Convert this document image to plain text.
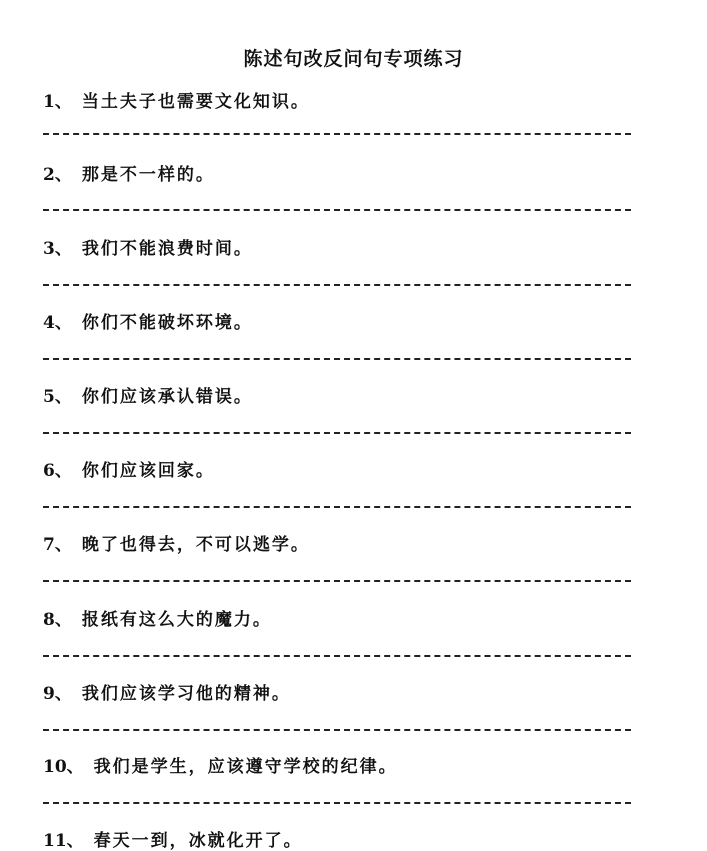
陈述句改反问句专项练习
1、 当土夫子也需要文化知识。
2、 那是不一样的。
3、 我们不能浪费时间。
4、 你们不能破坏环境。
5、 你们应该承认错误。
6、 你们应该回家。
7、 晚了也得去，不可以逃学。
8、 报纸有这么大的魔力。
9、 我们应该学习他的精神。
10、 我们是学生，应该遵守学校的纪律。
11、 春天一到，冰就化开了。
